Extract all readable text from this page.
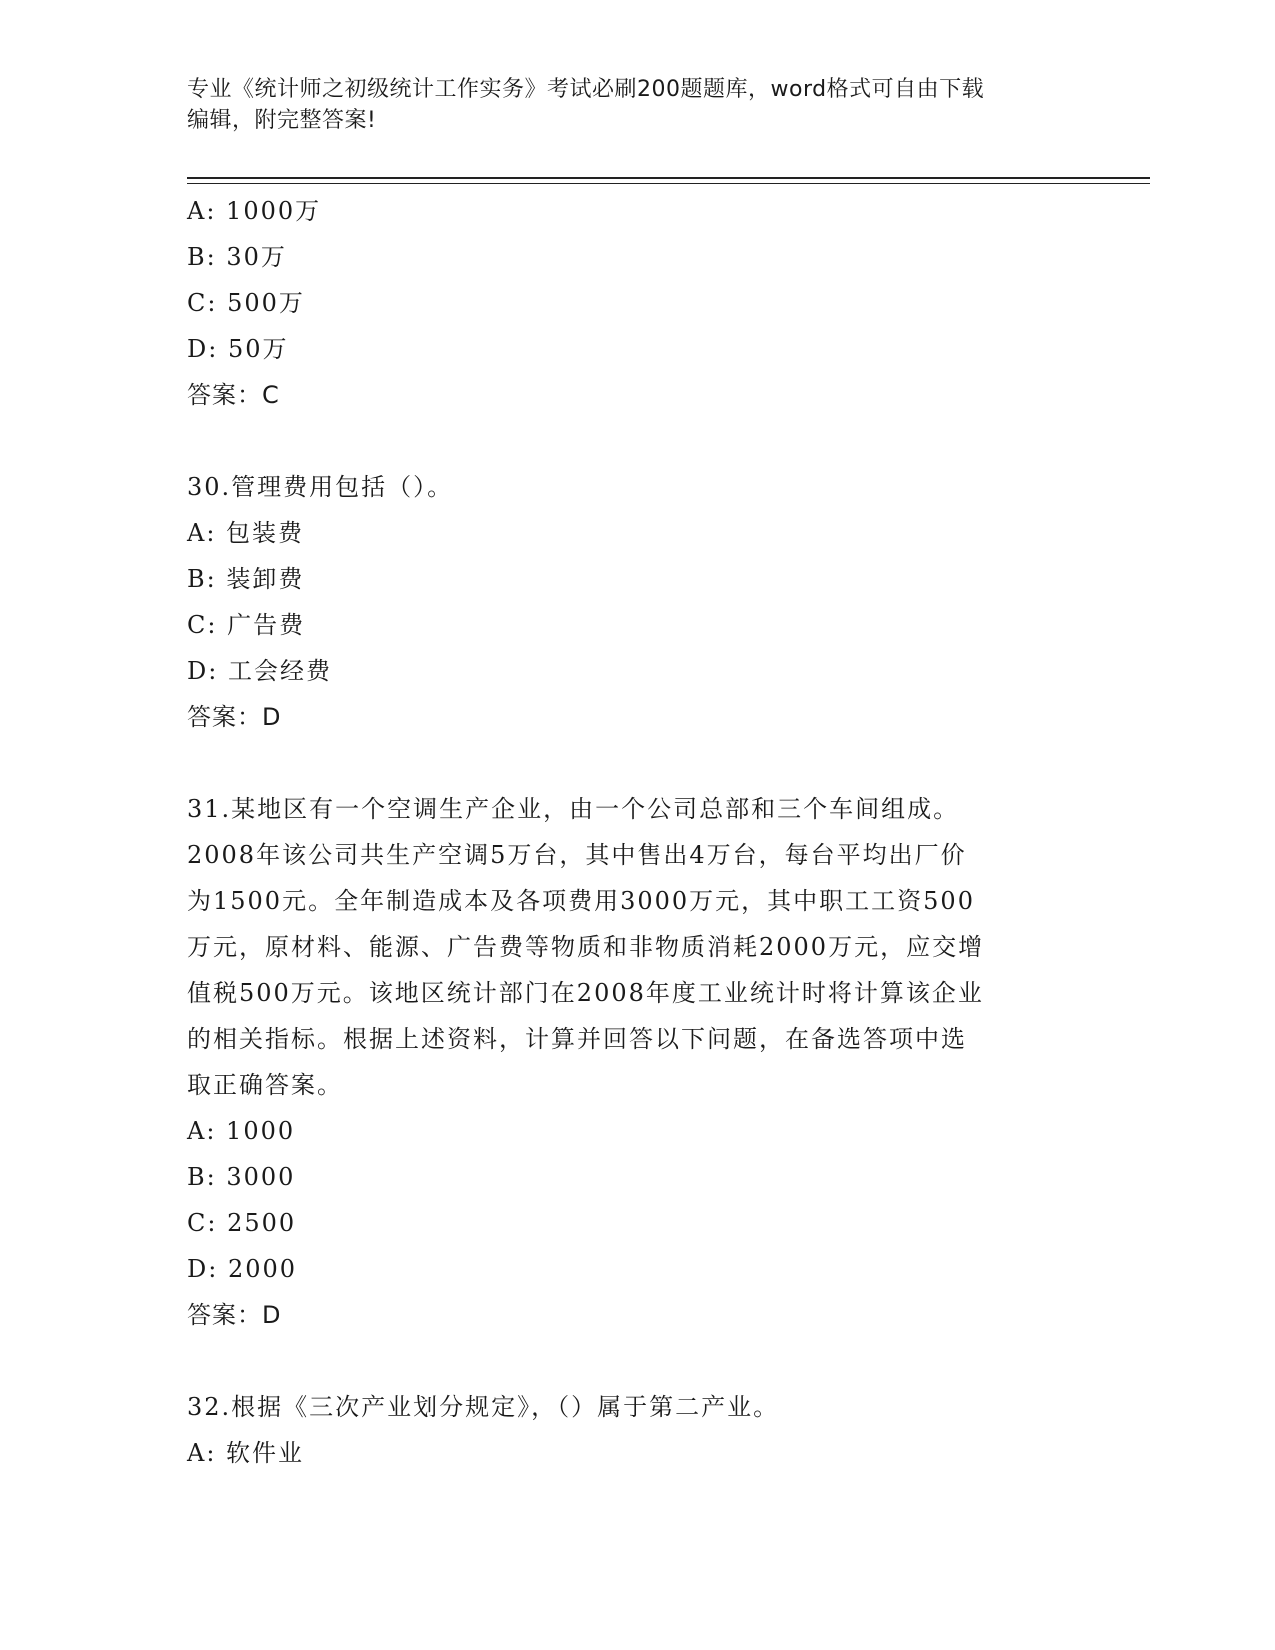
专业《统计师之初级统计工作实务》考试必刷200题题库，word格式可自由下载
编辑，附完整答案!
A: 1000万
B: 30万
C: 500万
D: 50万
答案：C
30.管理费用包括（）。
A: 包装费
B: 装卸费
C: 广告费
D: 工会经费
答案：D
31.某地区有一个空调生产企业，由一个公司总部和三个车间组成。
2008年该公司共生产空调5万台，其中售出4万台，每台平均出厂价
为1500元。全年制造成本及各项费用3000万元，其中职工工资500
万元，原材料、能源、广告费等物质和非物质消耗2000万元，应交增
值税500万元。该地区统计部门在2008年度工业统计时将计算该企业
的相关指标。根据上述资料，计算并回答以下问题，在备选答项中选
取正确答案。
A: 1000
B: 3000
C: 2500
D: 2000
答案：D
32.根据《三次产业划分规定》，（）属于第二产业。
A: 软件业
